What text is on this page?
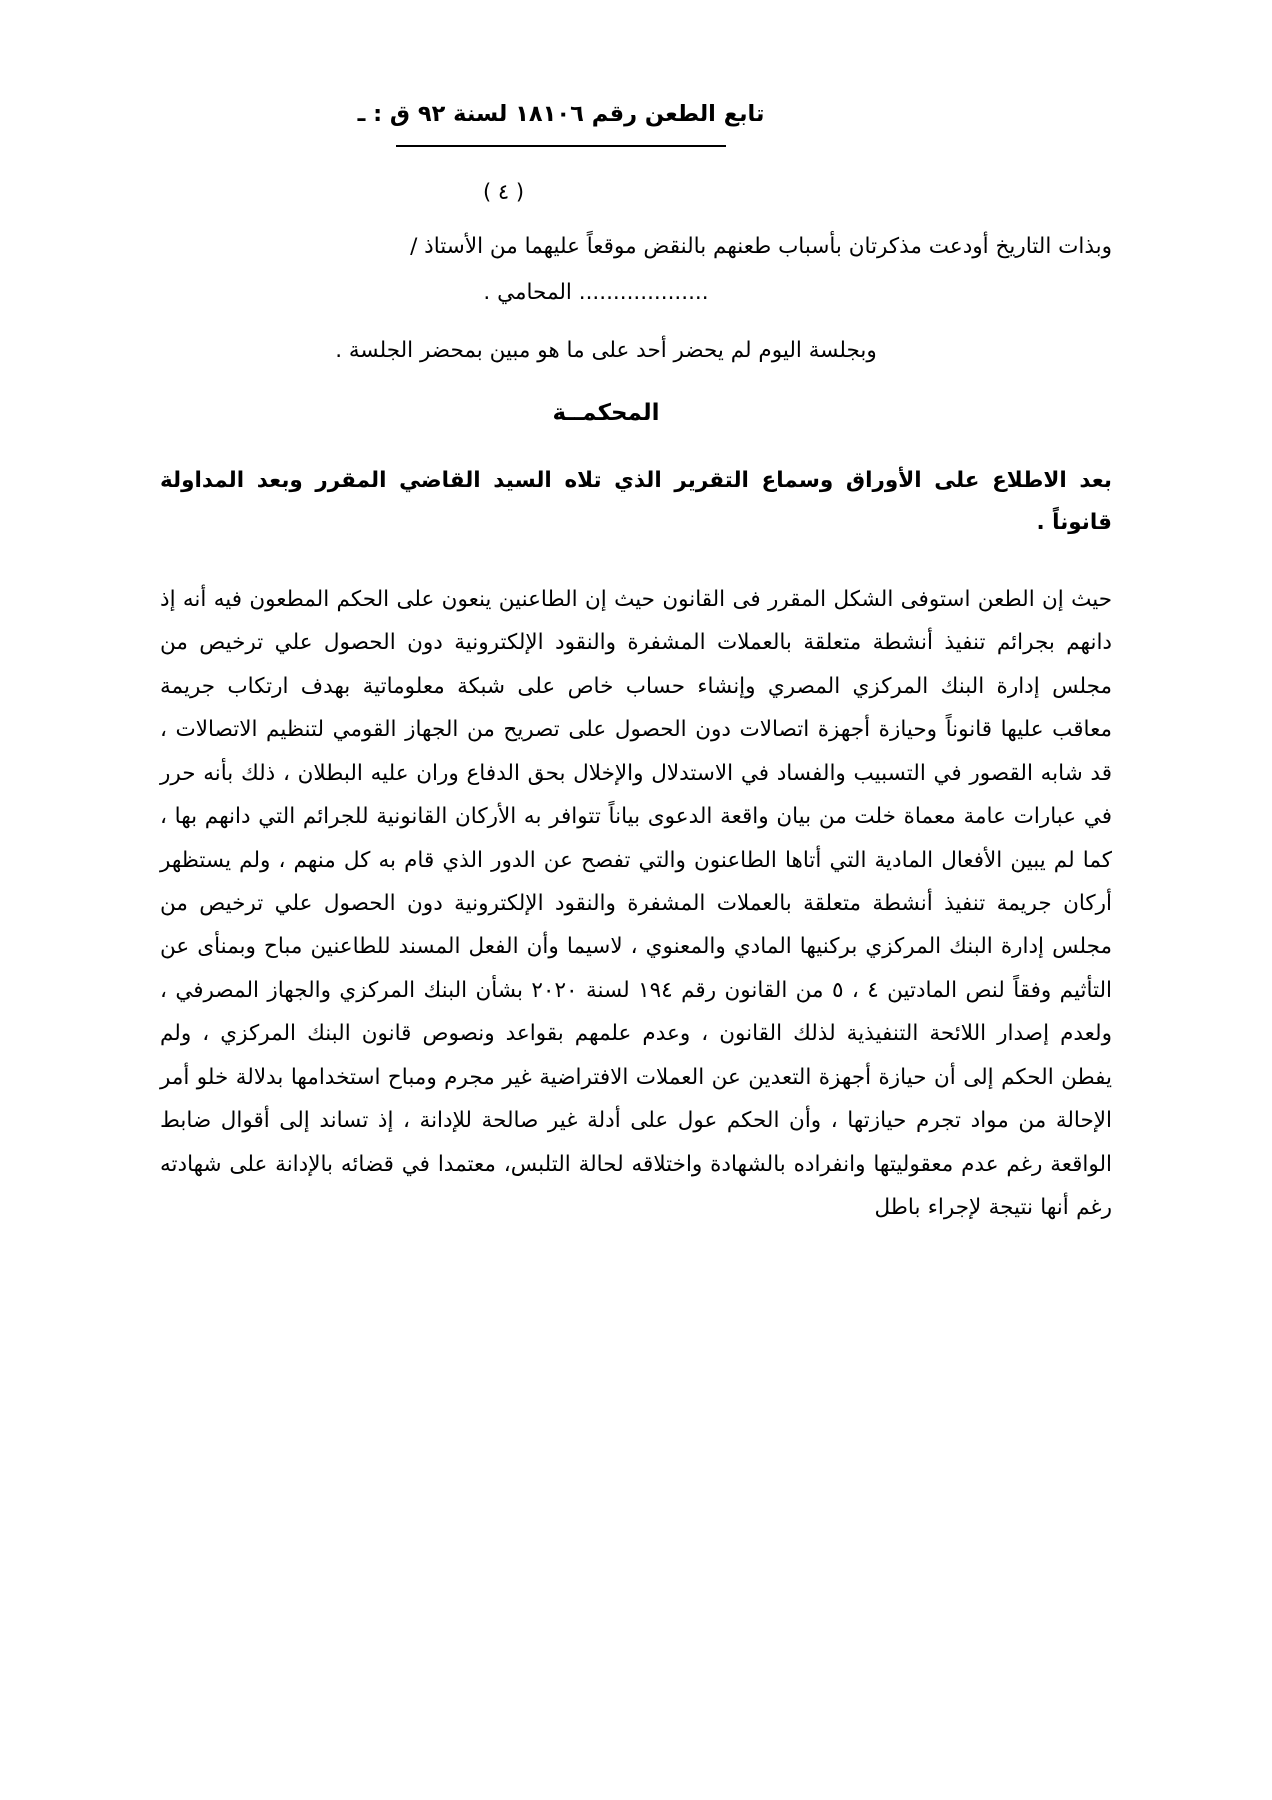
تابع الطعن رقم ١٨١٠٦ لسنة ٩٢ ق : ـ
( ٤ )

وبذات التاريخ أودعت مذكرتان بأسباب طعنهم بالنقض موقعاً عليهما من الأستاذ /

................... المحامي .

وبجلسة اليوم لم يحضر أحد على ما هو مبين بمحضر الجلسة .

المحكمــة

بعد الاطلاع على الأوراق وسماع التقرير الذي تلاه السيد القاضي المقرر وبعد المداولة قانوناً .

حيث إن الطعن استوفى الشكل المقرر فى القانون حيث إن الطاعنين ينعون على الحكم المطعون فيه أنه إذ دانهم بجرائم تنفيذ أنشطة متعلقة بالعملات المشفرة والنقود الإلكترونية دون الحصول علي ترخيص من مجلس إدارة البنك المركزي المصري وإنشاء حساب خاص على شبكة معلوماتية بهدف ارتكاب جريمة معاقب عليها قانوناً وحيازة أجهزة اتصالات دون الحصول على تصريح من الجهاز القومي لتنظيم الاتصالات ، قد شابه القصور في التسبيب والفساد في الاستدلال والإخلال بحق الدفاع وران عليه البطلان ، ذلك بأنه حرر في عبارات عامة معماة خلت من بيان واقعة الدعوى بياناً تتوافر به الأركان القانونية للجرائم التي دانهم بها ، كما لم يبين الأفعال المادية التي أتاها الطاعنون والتي تفصح عن الدور الذي قام به كل منهم ، ولم يستظهر أركان جريمة تنفيذ أنشطة متعلقة بالعملات المشفرة والنقود الإلكترونية دون الحصول علي ترخيص من مجلس إدارة البنك المركزي بركنيها المادي والمعنوي ، لاسيما وأن الفعل المسند للطاعنين مباح وبمنأى عن التأثيم وفقاً لنص المادتين ٤ ، ٥ من القانون رقم ١٩٤ لسنة ٢٠٢٠ بشأن البنك المركزي والجهاز المصرفي ، ولعدم إصدار اللائحة التنفيذية لذلك القانون ، وعدم علمهم بقواعد ونصوص قانون البنك المركزي ، ولم يفطن الحكم إلى أن حيازة أجهزة التعدين عن العملات الافتراضية غير مجرم ومباح استخدامها بدلالة خلو أمر الإحالة من مواد تجرم حيازتها ، وأن الحكم عول على أدلة غير صالحة للإدانة ، إذ تساند إلى أقوال ضابط الواقعة رغم عدم معقوليتها وانفراده بالشهادة واختلاقه لحالة التلبس، معتمدا في قضائه بالإدانة على شهادته رغم أنها نتيجة لإجراء باطل
